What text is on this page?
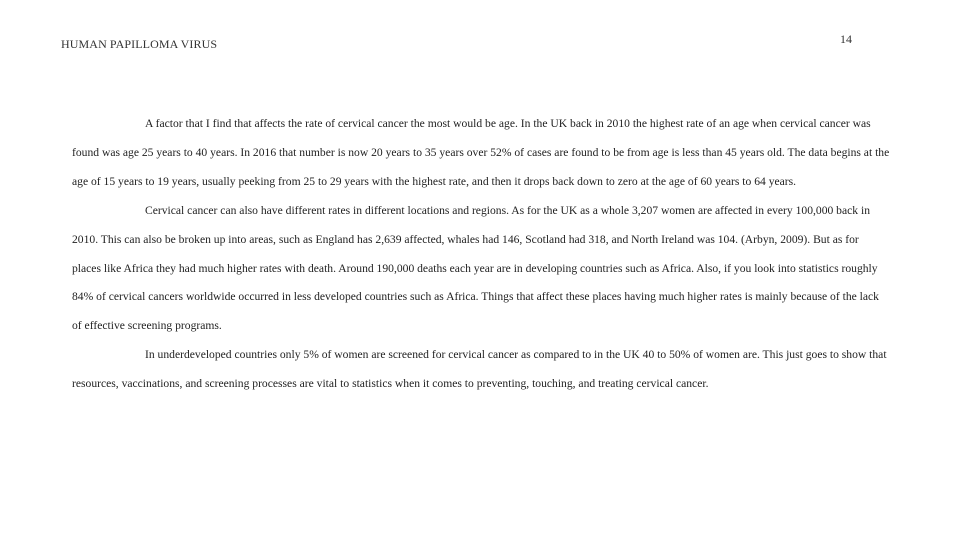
HUMAN PAPILLOMA VIRUS	14

A factor that I find that affects the rate of cervical cancer the most would be age. In the UK back in 2010 the highest rate of an age when cervical cancer was found was age 25 years to 40 years. In 2016 that number is now 20 years to 35 years over 52% of cases are found to be from age is less than 45 years old. The data begins at the age of 15 years to 19 years, usually peeking from 25 to 29 years with the highest rate, and then it drops back down to zero at the age of 60 years to 64 years.

Cervical cancer can also have different rates in different locations and regions. As for the UK as a whole 3,207 women are affected in every 100,000 back in 2010. This can also be broken up into areas, such as England has 2,639 affected, whales had 146, Scotland had 318, and North Ireland was 104. (Arbyn, 2009). But as for places like Africa they had much higher rates with death. Around 190,000 deaths each year are in developing countries such as Africa. Also, if you look into statistics roughly 84% of cervical cancers worldwide occurred in less developed countries such as Africa. Things that affect these places having much higher rates is mainly because of the lack of effective screening programs.

In underdeveloped countries only 5% of women are screened for cervical cancer as compared to in the UK 40 to 50% of women are. This just goes to show that resources, vaccinations, and screening processes are vital to statistics when it comes to preventing, touching, and treating cervical cancer.
